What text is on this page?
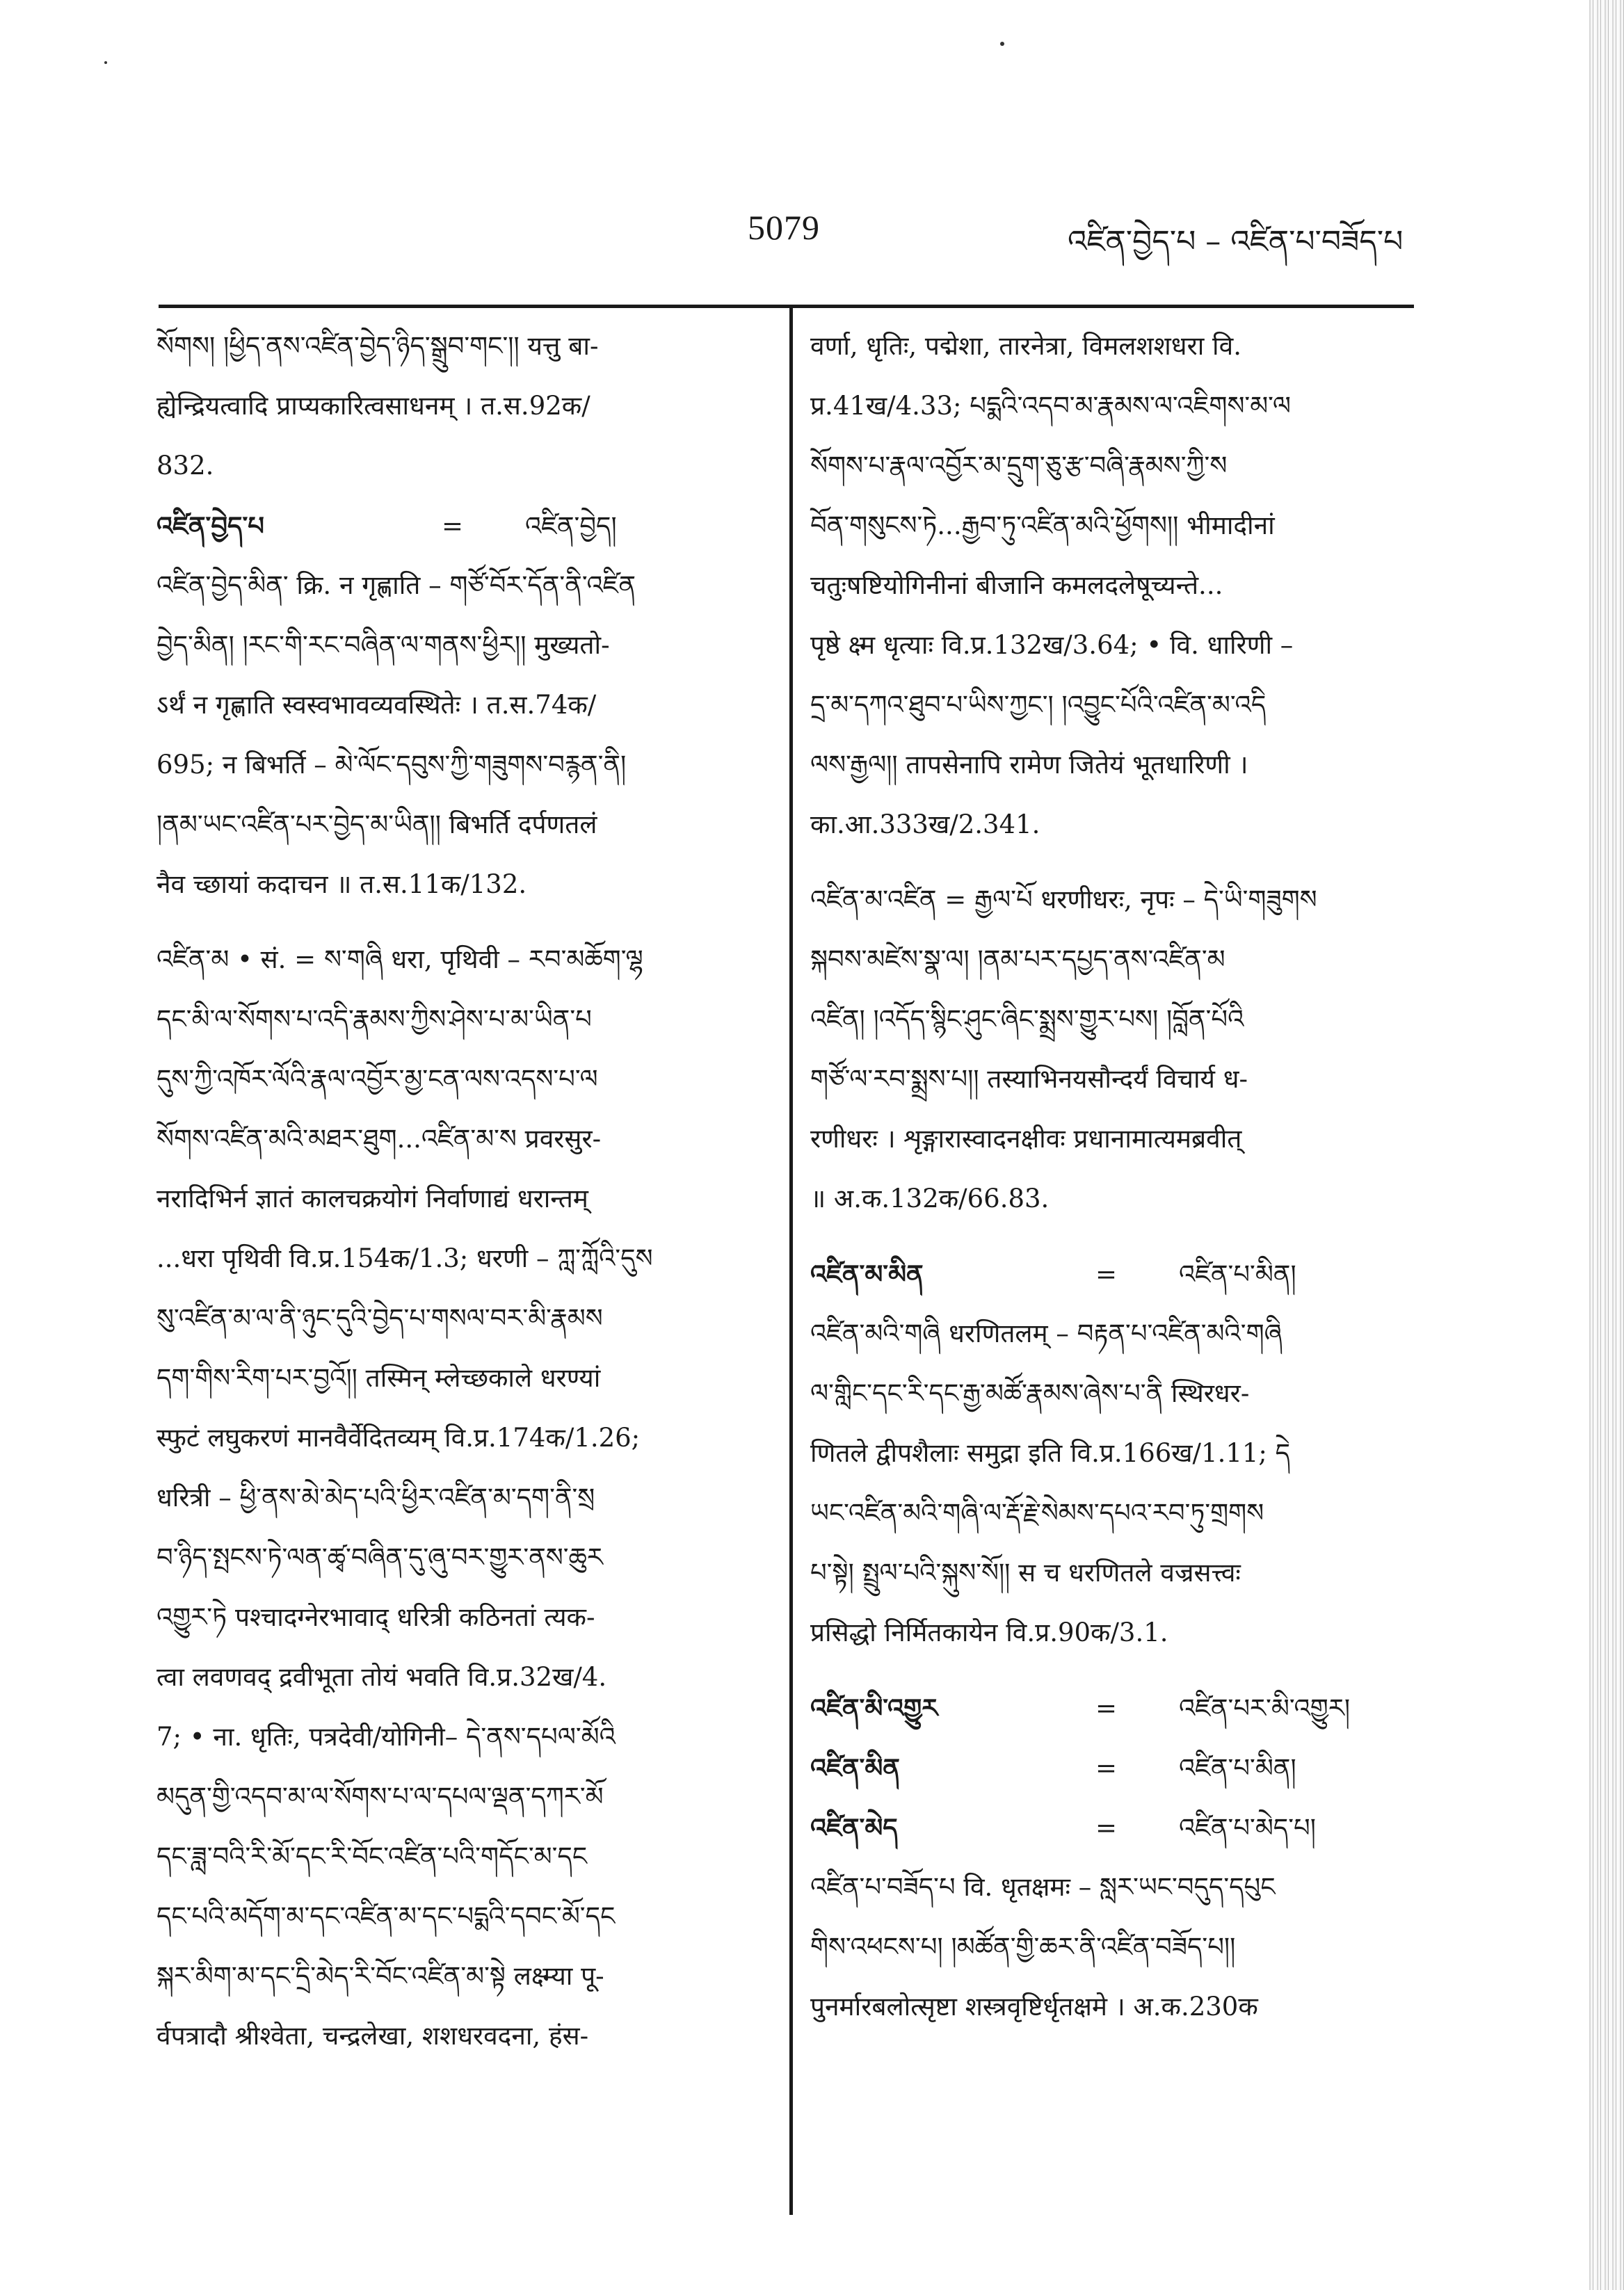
5079	འཛིན་བྱེད་པ – འཛིན་པ་བཟོད་པ
སོགས། །ཕྱིད་ནས་འཛིན་བྱེད་ཉིད་སྒྲུབ་གང་།། यत्तु बा-
ह्येन्द्रियत्वादि प्राप्यकारित्वसाधनम् । त.स.92क/
832.
འཛིན་བྱེད་པ	=	འཛིན་བྱེད།
འཛིན་བྱེད་མིན་ क्रि. न गृह्णाति – གཙོ་བོར་དོན་ནི་འཛིན
བྱེད་མིན། །རང་གི་རང་བཞིན་ལ་གནས་ཕྱིར།། मुख्यतो-
ऽर्थं न गृह्णाति स्वस्वभावव्यवस्थितेः । त.स.74क/
695; न बिभर्ति – མེ་ལོང་དབུས་ཀྱི་གཟུགས་བརྙན་ནི།
།ནམ་ཡང་འཛིན་པར་བྱེད་མ་ཡིན།། बिभर्ति दर्पणतलं
नैव च्छायां कदाचन ॥ त.स.11क/132.
འཛིན་མ • सं. = ས་གཞི धरा, पृथिवी – རབ་མཆོག་ལྷ
དང་མི་ལ་སོགས་པ་འདི་རྣམས་ཀྱིས་ཤེས་པ་མ་ཡིན་པ
དུས་ཀྱི་འཁོར་ལོའི་རྣལ་འབྱོར་མྱ་ངན་ལས་འདས་པ་ལ
སོགས་འཛིན་མའི་མཐར་ཐུག...འཛིན་མ་ས प्रवरसुर-
नरादिभिर्न ज्ञातं कालचक्रयोगं निर्वाणाद्यं धरान्तम्
...धरा पृथिवी वि.प्र.154क/1.3; धरणी – ཀླ་ཀློའི་དུས
སུ་འཛིན་མ་ལ་ནི་ཉུང་དུའི་བྱེད་པ་གསལ་བར་མི་རྣམས
དག་གིས་རིག་པར་བྱའོ།། तस्मिन् म्लेच्छकाले धरण्यां
स्फुटं लघुकरणं मानवैर्वेदितव्यम् वि.प्र.174क/1.26;
धरित्री – ཕྱི་ནས་མེ་མེད་པའི་ཕྱིར་འཛིན་མ་དག་ནི་སྲ
བ་ཉིད་སྤངས་ཏེ་ལན་ཚྭ་བཞིན་དུ་ཞུ་བར་གྱུར་ནས་ཆུར
འགྱུར་ཏེ पश्चादग्नेरभावाद् धरित्री कठिनतां त्यक-
त्वा लवणवद् द्रवीभूता तोयं भवति वि.प्र.32ख/4.
7; • ना. धृतिः, पत्रदेवी/योगिनी– དེ་ནས་དཔལ་མོའི
མདུན་གྱི་འདབ་མ་ལ་སོགས་པ་ལ་དཔལ་ལྡན་དཀར་མོ
དང་ཟླ་བའི་རི་མོ་དང་རི་བོང་འཛིན་པའི་གདོང་མ་དང
དང་པའི་མདོག་མ་དང་འཛིན་མ་དང་པདྨའི་དབང་མོ་དང
སྐར་མིག་མ་དང་དྲི་མེད་རི་བོང་འཛིན་མ་སྟེ लक्ष्म्या पू-
र्वपत्रादौ श्रीश्वेता, चन्द्रलेखा, शशधरवदना, हंस-
वर्णा, धृतिः, पद्मेशा, तारनेत्रा, विमलशशधरा वि.
प्र.41ख/4.33; པདྨའི་འདབ་མ་རྣམས་ལ་འཇིགས་མ་ལ
སོགས་པ་རྣལ་འབྱོར་མ་དྲུག་ཅུ་རྩ་བཞི་རྣམས་ཀྱི་ས
བོན་གསུངས་ཏེ...རྒྱབ་ཏུ་འཛིན་མའི་ཕྱོགས།། भीमादीनां
चतुःषष्टियोगिनीनां बीजानि कमलदलेषूच्यन्ते...
पृष्ठे क्ष्म धृत्याः वि.प्र.132ख/3.64; • वि. धारिणी –
དྲ་མ་དཀའ་ཐུབ་པ་ཡིས་ཀྱང་། །འབྱུང་པོའི་འཛིན་མ་འདི
ལས་རྒྱལ།། तापसेनापि रामेण जितेयं भूतधारिणी ।
का.आ.333ख/2.341.
འཛིན་མ་འཛིན = རྒྱལ་པོ धरणीधरः, नृपः – དེ་ཡི་གཟུགས
སྐབས་མཛེས་སྣ་ལ། །ནམ་པར་དཔྱད་ནས་འཛིན་མ
འཛིན། །འདོད་སྙིང་ཤུང་ཞིང་སྨྲས་གྱུར་པས། །བློན་པོའི
གཙོ་ལ་རབ་སྨྲས་པ།། तस्याभिनयसौन्दर्यं विचार्य ध-
रणीधरः । शृङ्गारास्वादनक्षीवः प्रधानामात्यमब्रवीत्
॥ अ.क.132क/66.83.
འཛིན་མ་མིན	=	འཛིན་པ་མིན།
འཛིན་མའི་གཞི धरणितलम् – བརྟན་པ་འཛིན་མའི་གཞི
ལ་གླིང་དང་རི་དང་རྒྱ་མཚོ་རྣམས་ཞེས་པ་ནི स्थिरधर-
णितले द्वीपशैलाः समुद्रा इति वि.प्र.166ख/1.11; དེ
ཡང་འཛིན་མའི་གཞི་ལ་རྡོ་རྗེ་སེམས་དཔའ་རབ་ཏུ་གྲགས
པ་སྟེ། སྤྲུལ་པའི་སྐུས་སོ།། स च धरणितले वज्रसत्त्वः
प्रसिद्धो निर्मितकायेन वि.प्र.90क/3.1.
འཛིན་མི་འགྱུར	=	འཛིན་པར་མི་འགྱུར།
འཛིན་མིན	=	འཛིན་པ་མིན།
འཛིན་མེད	=	འཛིན་པ་མེད་པ།
འཛིན་པ་བཟོད་པ वि. धृतक्षमः – སླར་ཡང་བདུད་དཔུང
གིས་འཕངས་པ། །མཚོན་གྱི་ཆར་ནི་འཛིན་བཟོད་པ།།
पुनर्मारबलोत्सृष्टा शस्त्रवृष्टिर्धृतक्षमे । अ.क.230क
